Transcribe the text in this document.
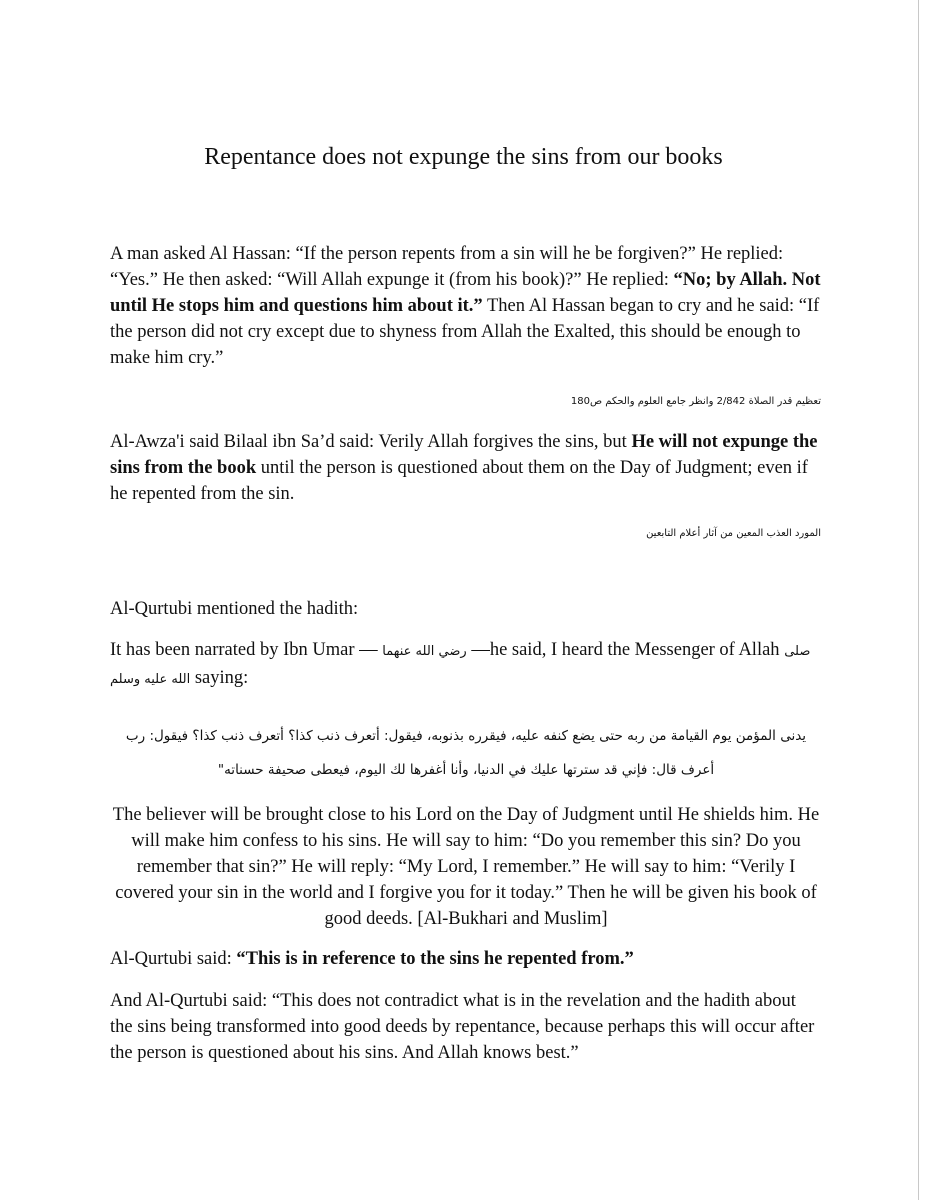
Repentance does not expunge the sins from our books

A man asked Al Hassan: “If the person repents from a sin will he be forgiven?” He replied: “Yes.” He then asked: “Will Allah expunge it (from his book)?” He replied: “No; by Allah. Not until He stops him and questions him about it.” Then Al Hassan began to cry and he said: “If the person did not cry except due to shyness from Allah the Exalted, this should be enough to make him cry.”

تعظيم قدر الصلاة 2/842 وانظر جامع العلوم والحكم ص180

Al-Awza'i said Bilaal ibn Sa’d said: Verily Allah forgives the sins, but He will not expunge the sins from the book until the person is questioned about them on the Day of Judgment; even if he repented from the sin.

المورد العذب المعين من آثار أعلام التابعين

Al-Qurtubi mentioned the hadith:

It has been narrated by Ibn Umar — رضي الله عنهما —he said, I heard the Messenger of Allah صلى الله عليه وسلم saying:

يدنى المؤمن يوم القيامة من ربه حتى يضع كنفه عليه، فيقرره بذنوبه، فيقول: أتعرف ذنب كذا؟ أتعرف ذنب كذا؟ فيقول: رب أعرف قال: فإني قد سترتها عليك في الدنيا، وأنا أغفرها لك اليوم، فيعطى صحيفة حسناته"

The believer will be brought close to his Lord on the Day of Judgment until He shields him. He will make him confess to his sins. He will say to him: “Do you remember this sin? Do you remember that sin?” He will reply: “My Lord, I remember.” He will say to him: “Verily I covered your sin in the world and I forgive you for it today.” Then he will be given his book of good deeds. [Al-Bukhari and Muslim]

Al-Qurtubi said: “This is in reference to the sins he repented from.”

And Al-Qurtubi said: “This does not contradict what is in the revelation and the hadith about the sins being transformed into good deeds by repentance, because perhaps this will occur after the person is questioned about his sins. And Allah knows best.”
